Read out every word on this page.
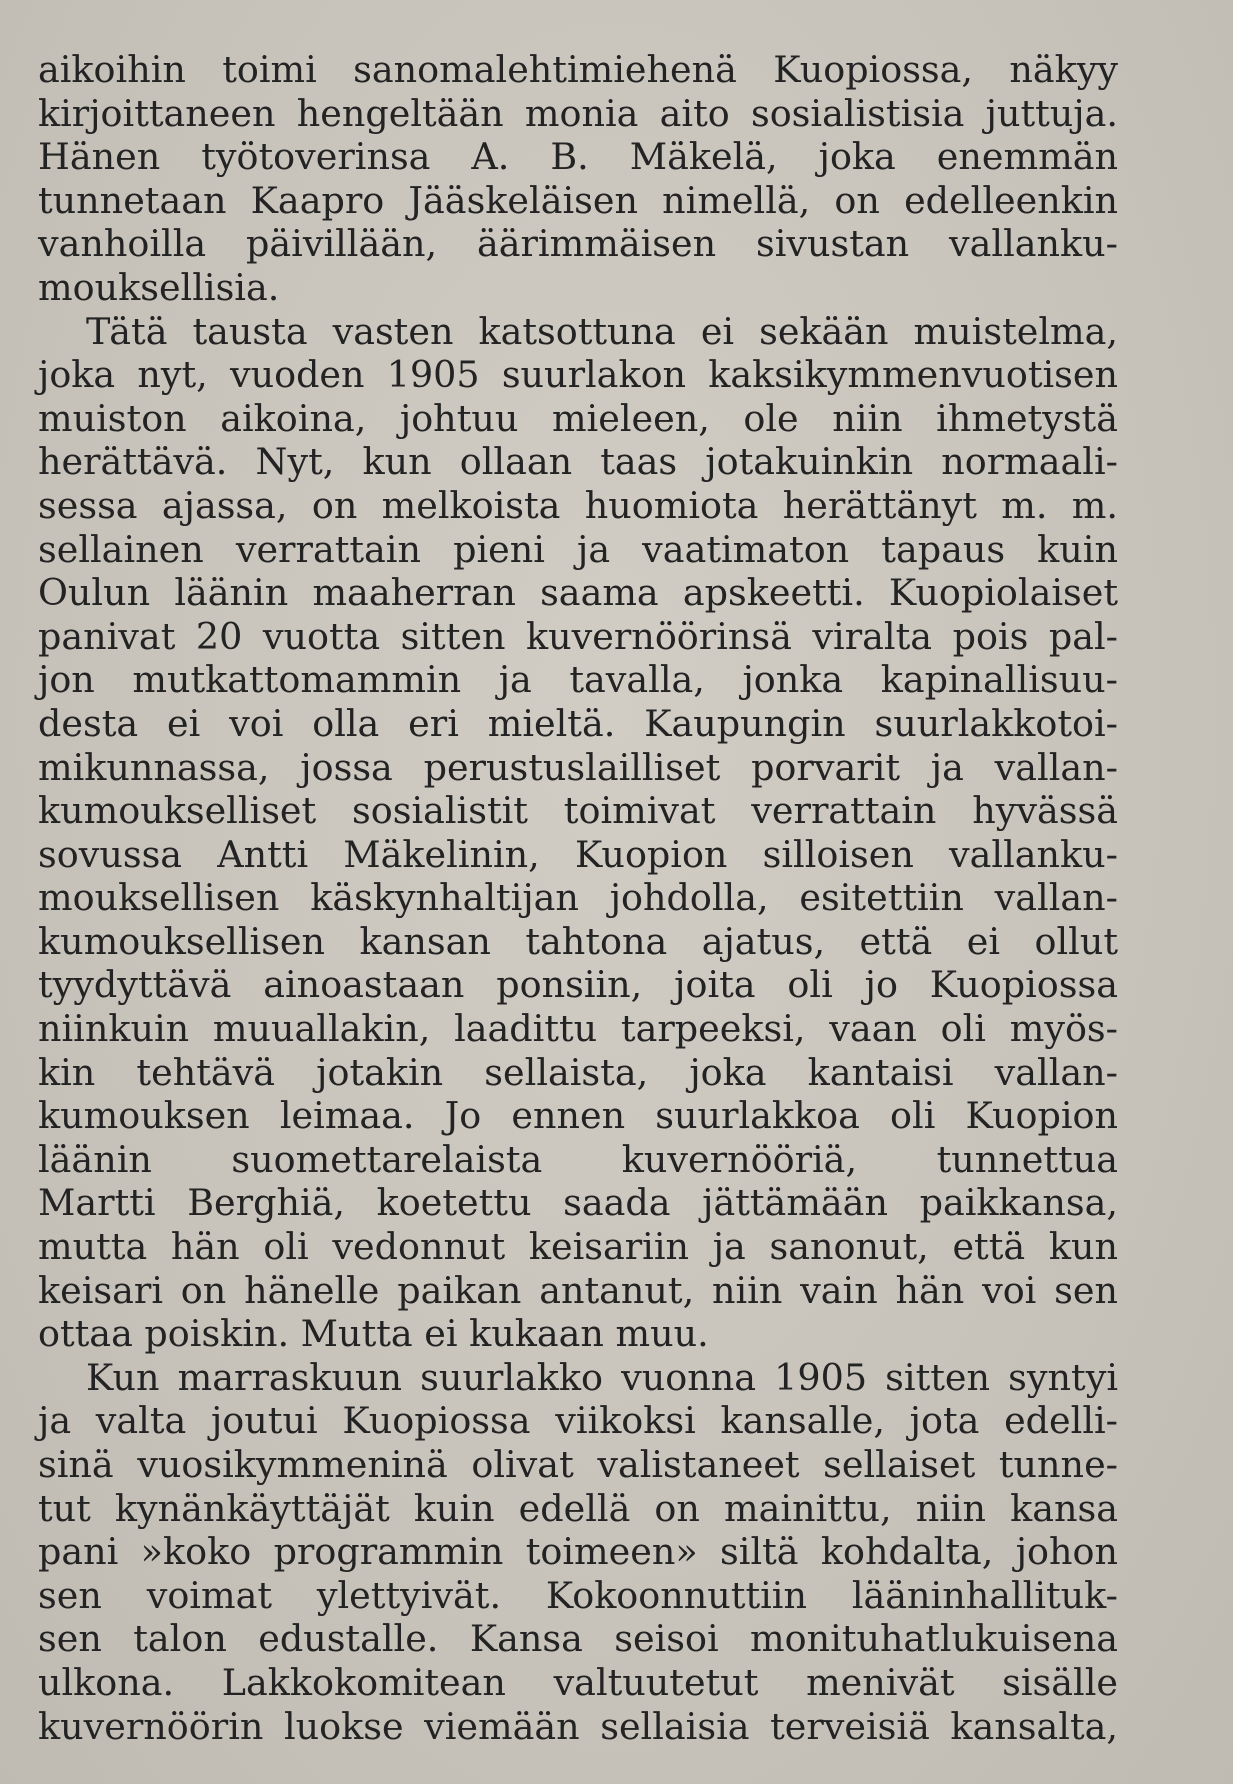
aikoihin toimi sanomalehtimiehenä Kuopiossa, näkyy
kirjoittaneen hengeltään monia aito sosialistisia juttuja.
Hänen työtoverinsa A. B. Mäkelä, joka enemmän
tunnetaan Kaapro Jääskeläisen nimellä, on edelleenkin
vanhoilla päivillään, äärimmäisen sivustan vallanku-
mouksellisia.
Tätä tausta vasten katsottuna ei sekään muistelma,
joka nyt, vuoden 1905 suurlakon kaksikymmenvuotisen
muiston aikoina, johtuu mieleen, ole niin ihmetystä
herättävä. Nyt, kun ollaan taas jotakuinkin normaali-
sessa ajassa, on melkoista huomiota herättänyt m. m.
sellainen verrattain pieni ja vaatimaton tapaus kuin
Oulun läänin maaherran saama apskeetti. Kuopiolaiset
panivat 20 vuotta sitten kuvernöörinsä viralta pois pal-
jon mutkattomammin ja tavalla, jonka kapinallisuu-
desta ei voi olla eri mieltä. Kaupungin suurlakkotoi-
mikunnassa, jossa perustuslailliset porvarit ja vallan-
kumoukselliset sosialistit toimivat verrattain hyvässä
sovussa Antti Mäkelinin, Kuopion silloisen vallanku-
mouksellisen käskynhaltijan johdolla, esitettiin vallan-
kumouksellisen kansan tahtona ajatus, että ei ollut
tyydyttävä ainoastaan ponsiin, joita oli jo Kuopiossa
niinkuin muuallakin, laadittu tarpeeksi, vaan oli myös-
kin tehtävä jotakin sellaista, joka kantaisi vallan-
kumouksen leimaa. Jo ennen suurlakkoa oli Kuopion
läänin suomettarelaista kuvernööriä, tunnettua
Martti Berghiä, koetettu saada jättämään paikkansa,
mutta hän oli vedonnut keisariin ja sanonut, että kun
keisari on hänelle paikan antanut, niin vain hän voi sen
ottaa poiskin. Mutta ei kukaan muu.
Kun marraskuun suurlakko vuonna 1905 sitten syntyi
ja valta joutui Kuopiossa viikoksi kansalle, jota edelli-
sinä vuosikymmeninä olivat valistaneet sellaiset tunne-
tut kynänkäyttäjät kuin edellä on mainittu, niin kansa
pani »koko programmin toimeen» siltä kohdalta, johon
sen voimat ylettyivät. Kokoonnuttiin lääninhallituk-
sen talon edustalle. Kansa seisoi monituhatlukuisena
ulkona. Lakkokomitean valtuutetut menivät sisälle
kuvernöörin luokse viemään sellaisia terveisiä kansalta,
